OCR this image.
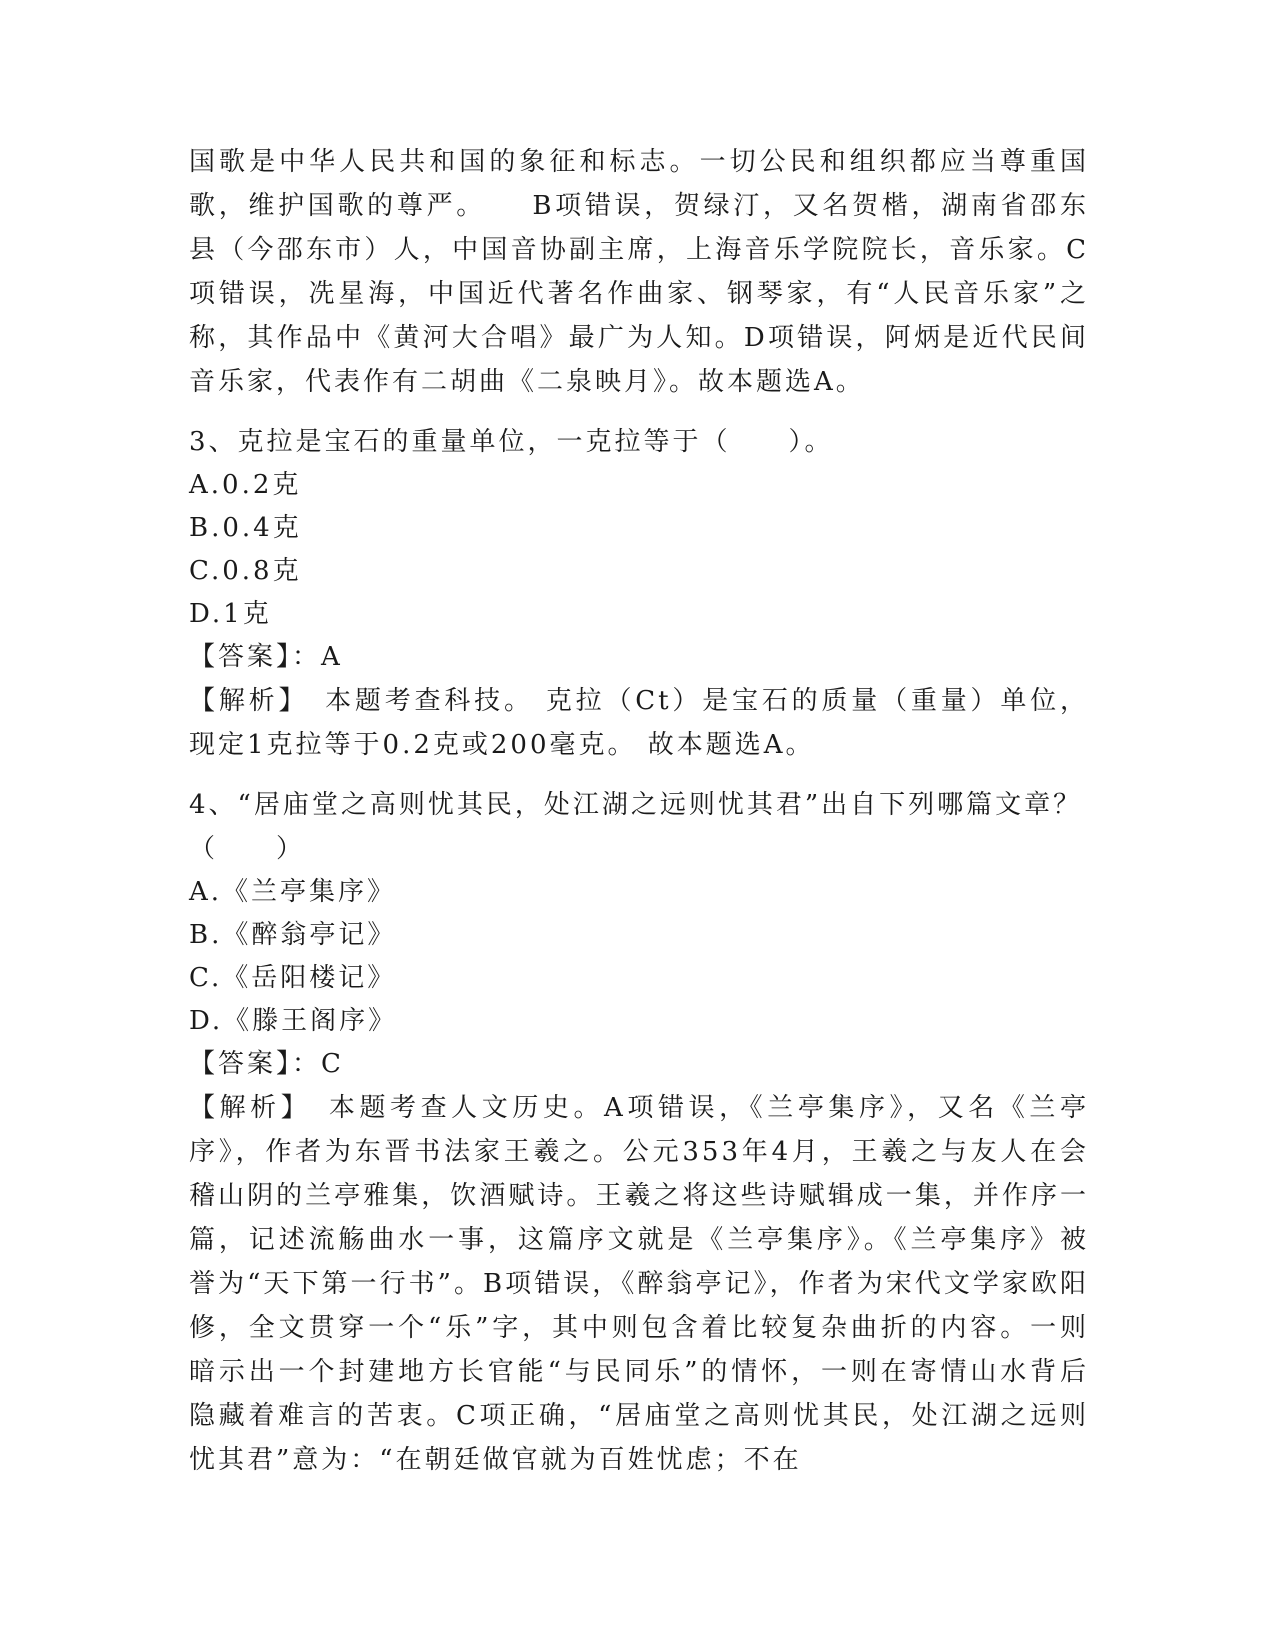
国歌是中华人民共和国的象征和标志。一切公民和组织都应当尊重国歌，维护国歌的尊严。　　B项错误，贺绿汀，又名贺楷，湖南省邵东县（今邵东市）人，中国音协副主席，上海音乐学院院长，音乐家。C项错误，冼星海，中国近代著名作曲家、钢琴家，有“人民音乐家”之称，其作品中《黄河大合唱》最广为人知。D项错误，阿炳是近代民间音乐家，代表作有二胡曲《二泉映月》。故本题选A。

3、克拉是宝石的重量单位，一克拉等于（　　）。

A.0.2克

B.0.4克

C.0.8克

D.1克

【答案】：A

【解析】　本题考查科技。 克拉（Ct）是宝石的质量（重量）单位，现定1克拉等于0.2克或200毫克。 故本题选A。

4、“居庙堂之高则忧其民，处江湖之远则忧其君”出自下列哪篇文章？（　　）

A.《兰亭集序》

B.《醉翁亭记》

C.《岳阳楼记》

D.《滕王阁序》

【答案】：C

【解析】　本题考查人文历史。A项错误，《兰亭集序》，又名《兰亭序》，作者为东晋书法家王羲之。公元353年4月，王羲之与友人在会稽山阴的兰亭雅集，饮酒赋诗。王羲之将这些诗赋辑成一集，并作序一篇，记述流觞曲水一事，这篇序文就是《兰亭集序》。《兰亭集序》被誉为“天下第一行书”。B项错误，《醉翁亭记》，作者为宋代文学家欧阳修，全文贯穿一个“乐”字，其中则包含着比较复杂曲折的内容。一则暗示出一个封建地方长官能“与民同乐”的情怀，一则在寄情山水背后隐藏着难言的苦衷。C项正确，“居庙堂之高则忧其民，处江湖之远则忧其君”意为：“在朝廷做官就为百姓忧虑；不在
